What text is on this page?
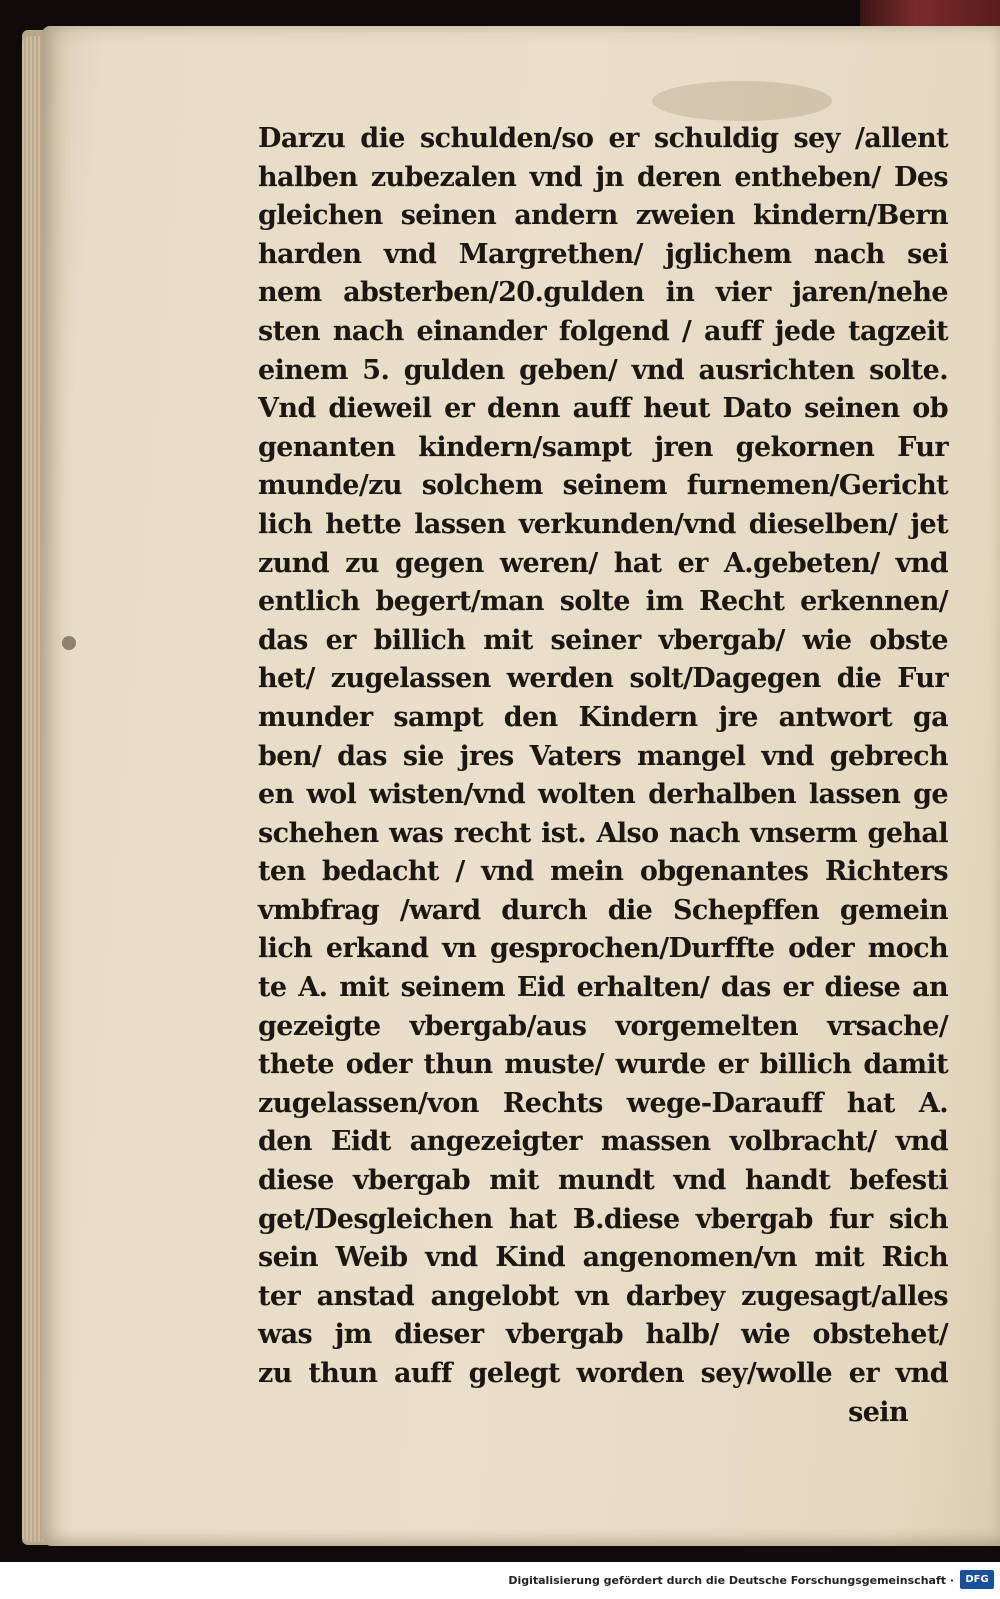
Darzu die schulden/so er schuldig sey /allent
halben zubezalen vnd jn deren entheben/ Des
gleichen seinen andern zweien kindern/Bern
harden vnd Margrethen/ jglichem nach sei
nem absterben/20.gulden in vier jaren/nehe
sten nach einander folgend / auff jede tagzeit
einem 5. gulden geben/ vnd ausrichten solte.
Vnd dieweil er denn auff heut Dato seinen ob
genanten kindern/sampt jren gekornen Fur
munde/zu solchem seinem furnemen/Gericht
lich hette lassen verkunden/vnd dieselben/ jet
zund zu gegen weren/ hat er A.gebeten/ vnd
entlich begert/man solte im Recht erkennen/
das er billich mit seiner vbergab/ wie obste
het/ zugelassen werden solt/Dagegen die Fur
munder sampt den Kindern jre antwort ga
ben/ das sie jres Vaters mangel vnd gebrech
en wol wisten/vnd wolten derhalben lassen ge
schehen was recht ist. Also nach vnserm gehal
ten bedacht / vnd mein obgenantes Richters
vmbfrag /ward durch die Schepffen gemein
lich erkand vn gesprochen/Durffte oder moch
te A. mit seinem Eid erhalten/ das er diese an
gezeigte vbergab/aus vorgemelten vrsache/
thete oder thun muste/ wurde er billich damit
zugelassen/von Rechts wege-Darauff hat A.
den Eidt angezeigter massen volbracht/ vnd
diese vbergab mit mundt vnd handt befesti
get/Desgleichen hat B.diese vbergab fur sich
sein Weib vnd Kind angenomen/vn mit Rich
ter anstad angelobt vn darbey zugesagt/alles
was jm dieser vbergab halb/ wie obstehet/
zu thun auff gelegt worden sey/wolle er vnd
sein
Digitalisierung gefördert durch die Deutsche Forschungsgemeinschaft ·	DFG
